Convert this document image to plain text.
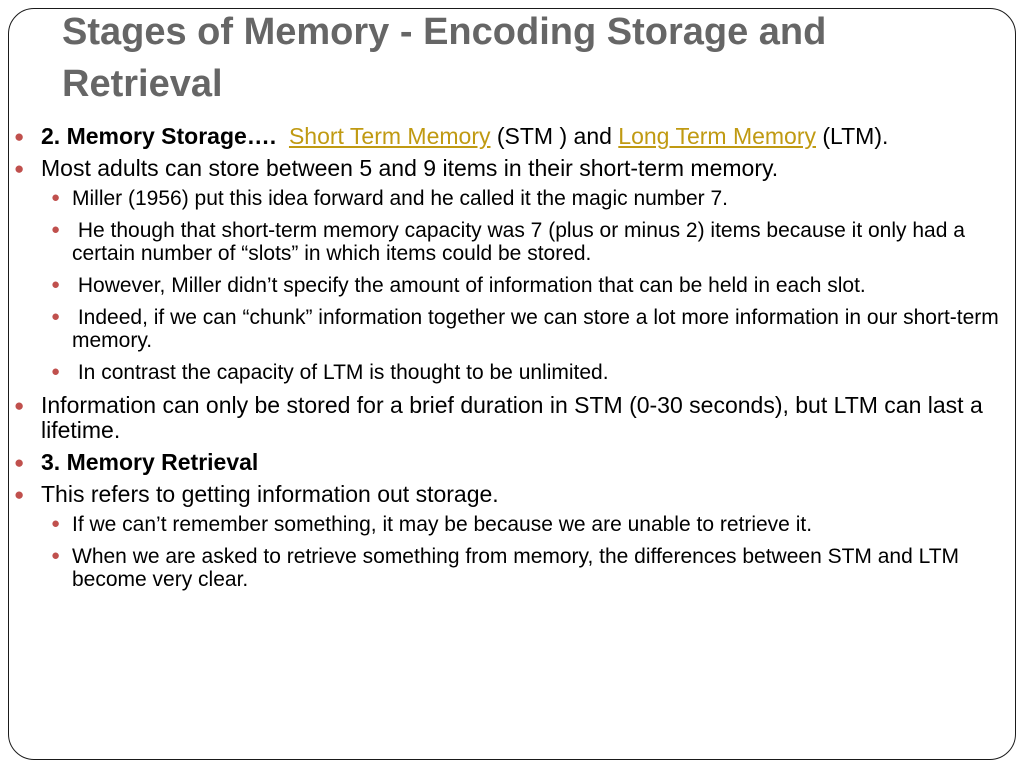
Stages of Memory - Encoding Storage and Retrieval
● 2. Memory Storage…. Short Term Memory (STM ) and Long Term Memory (LTM).
● Most adults can store between 5 and 9 items in their short-term memory.
● Miller (1956) put this idea forward and he called it the magic number 7.
● He though that short-term memory capacity was 7 (plus or minus 2) items because it only had a certain number of “slots” in which items could be stored.
● However, Miller didn’t specify the amount of information that can be held in each slot.
● Indeed, if we can “chunk” information together we can store a lot more information in our short-term memory.
● In contrast the capacity of LTM is thought to be unlimited.
● Information can only be stored for a brief duration in STM (0-30 seconds), but LTM can last a lifetime.
● 3. Memory Retrieval
● This refers to getting information out storage.
● If we can’t remember something, it may be because we are unable to retrieve it.
● When we are asked to retrieve something from memory, the differences between STM and LTM become very clear.
